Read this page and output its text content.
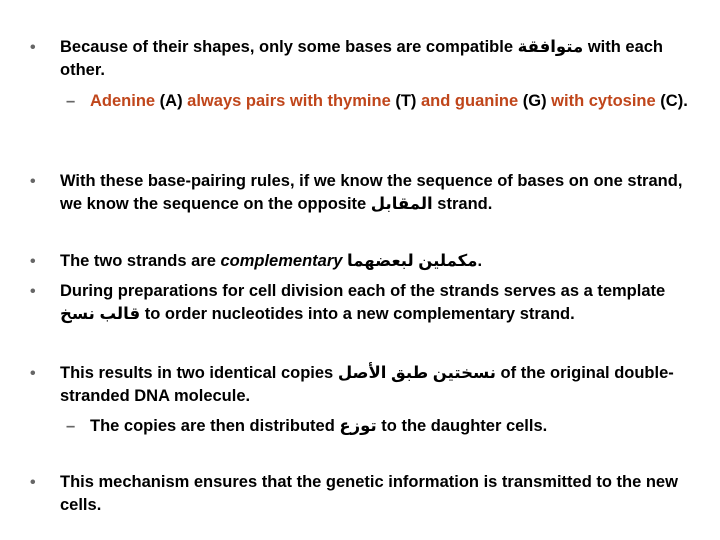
• Because of their shapes, only some bases are compatible متوافقة with each other.
– Adenine (A) always pairs with thymine (T) and guanine (G) with cytosine (C).
• With these base-pairing rules, if we know the sequence of bases on one strand, we know the sequence on the opposite المقابل strand.
• The two strands are complementary مكملين لبعضهما.
• During preparations for cell division each of the strands serves as a template قالب نسخ to order nucleotides into a new complementary strand.
• This results in two identical copies نسختين طبق الأصل of the original double-stranded DNA molecule.
– The copies are then distributed توزع to the daughter cells.
• This mechanism ensures that the genetic information is transmitted to the new cells.
